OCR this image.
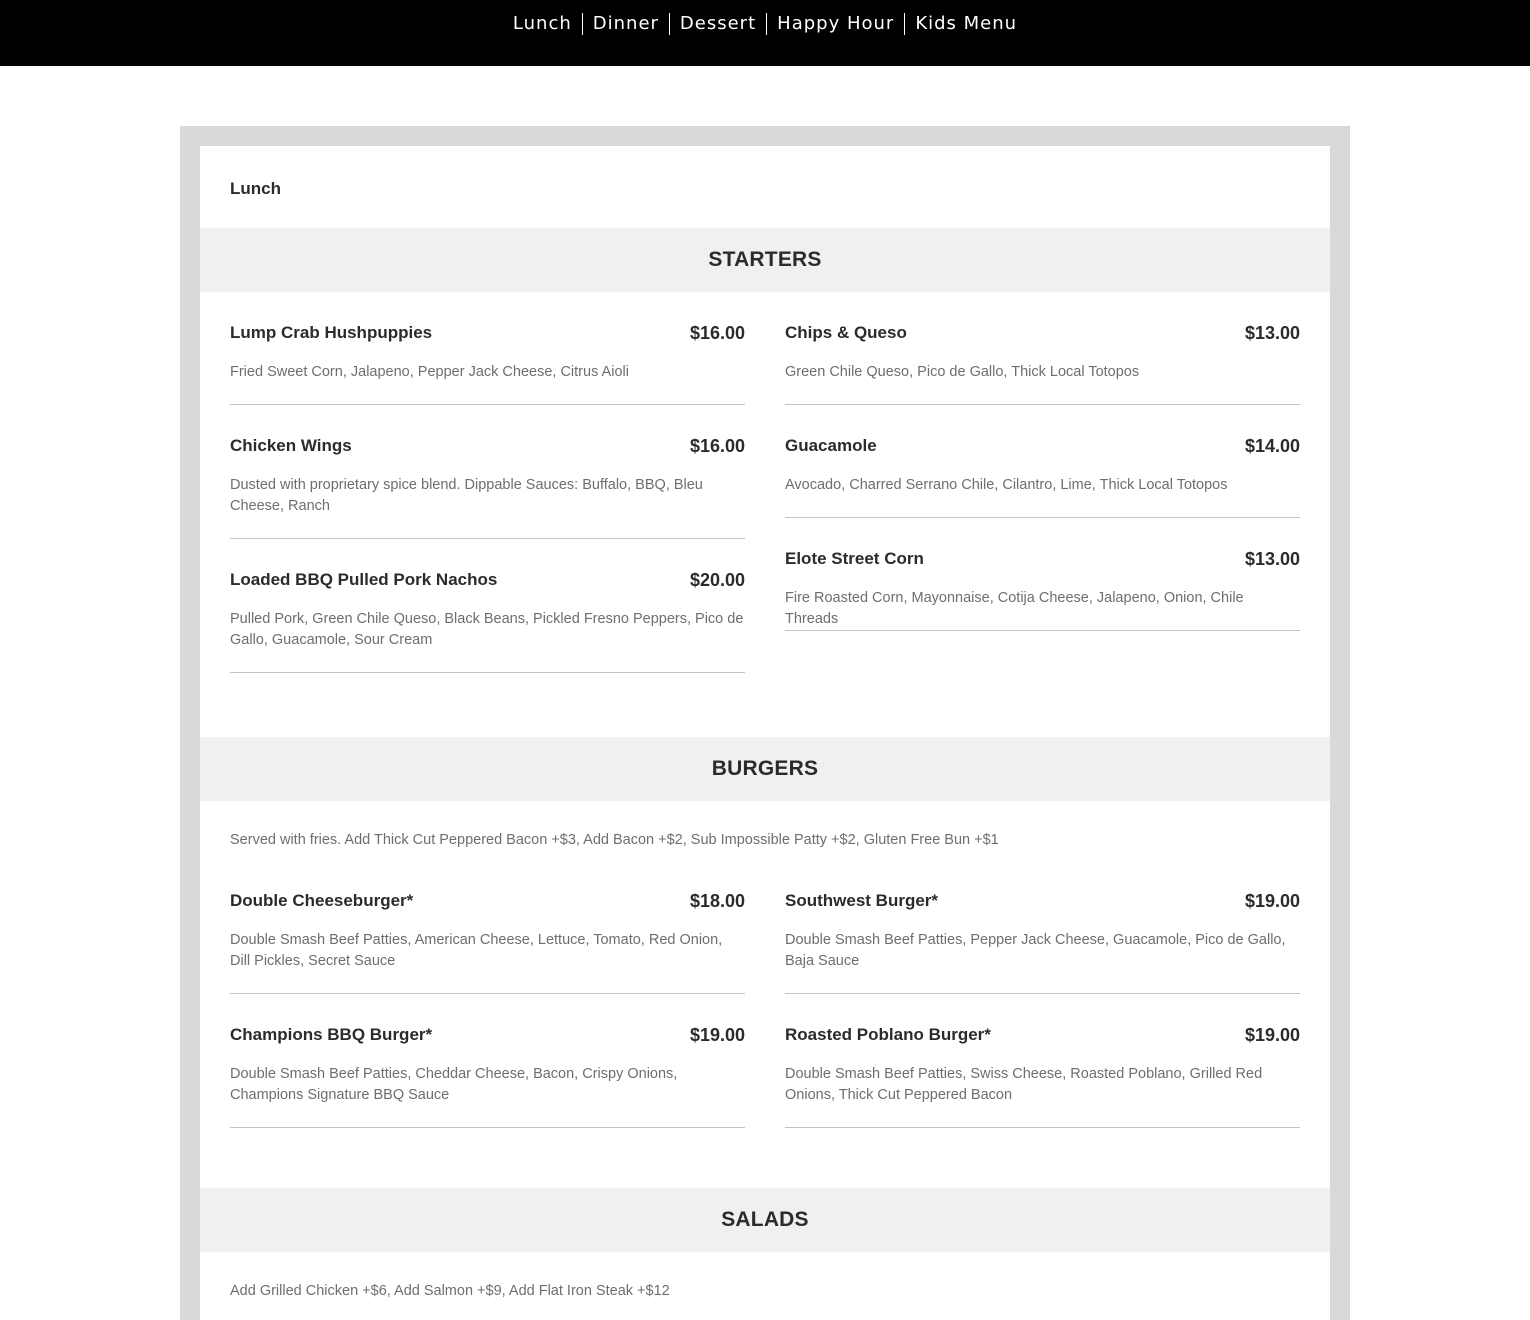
Lunch	Dinner	Dessert	Happy Hour	Kids Menu
Lunch
STARTERS
Lump Crab Hushpuppies	$16.00
Fried Sweet Corn, Jalapeno, Pepper Jack Cheese, Citrus Aioli
Chips & Queso	$13.00
Green Chile Queso, Pico de Gallo, Thick Local Totopos
Chicken Wings	$16.00
Dusted with proprietary spice blend. Dippable Sauces: Buffalo, BBQ, Bleu Cheese, Ranch
Guacamole	$14.00
Avocado, Charred Serrano Chile, Cilantro, Lime, Thick Local Totopos
Loaded BBQ Pulled Pork Nachos	$20.00
Pulled Pork, Green Chile Queso, Black Beans, Pickled Fresno Peppers, Pico de Gallo, Guacamole, Sour Cream
Elote Street Corn	$13.00
Fire Roasted Corn, Mayonnaise, Cotija Cheese, Jalapeno, Onion, Chile Threads
BURGERS
Served with fries. Add Thick Cut Peppered Bacon +$3, Add Bacon +$2, Sub Impossible Patty +$2, Gluten Free Bun +$1
Double Cheeseburger*	$18.00
Double Smash Beef Patties, American Cheese, Lettuce, Tomato, Red Onion, Dill Pickles, Secret Sauce
Southwest Burger*	$19.00
Double Smash Beef Patties, Pepper Jack Cheese, Guacamole, Pico de Gallo, Baja Sauce
Champions BBQ Burger*	$19.00
Double Smash Beef Patties, Cheddar Cheese, Bacon, Crispy Onions, Champions Signature BBQ Sauce
Roasted Poblano Burger*	$19.00
Double Smash Beef Patties, Swiss Cheese, Roasted Poblano, Grilled Red Onions, Thick Cut Peppered Bacon
SALADS
Add Grilled Chicken +$6, Add Salmon +$9, Add Flat Iron Steak +$12
